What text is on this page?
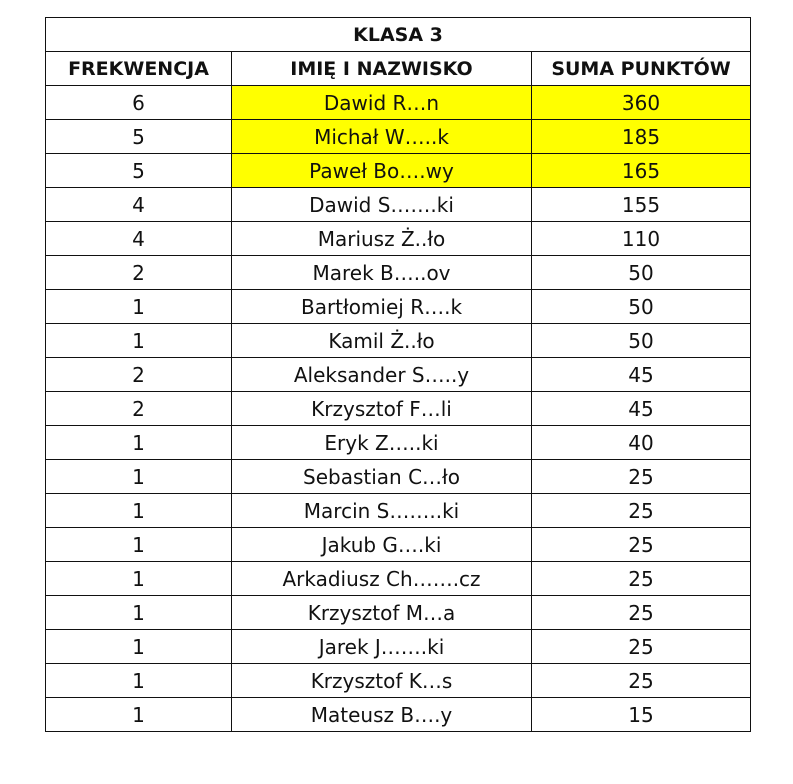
KLASA 3		
FREKWENCJA	IMIĘ I NAZWISKO	SUMA PUNKTÓW
6	Dawid R…n	360
5	Michał W…..k	185
5	Paweł Bo….wy	165
4	Dawid S…….ki	155
4	Mariusz Ż..ło	110
2	Marek B…..ov	50
1	Bartłomiej R….k	50
1	Kamil Ż..ło	50
2	Aleksander S…..y	45
2	Krzysztof F…li	45
1	Eryk Z…..ki	40
1	Sebastian C…ło	25
1	Marcin S……..ki	25
1	Jakub G….ki	25
1	Arkadiusz Ch…….cz	25
1	Krzysztof M…a	25
1	Jarek J…….ki	25
1	Krzysztof K…s	25
1	Mateusz B….y	15
